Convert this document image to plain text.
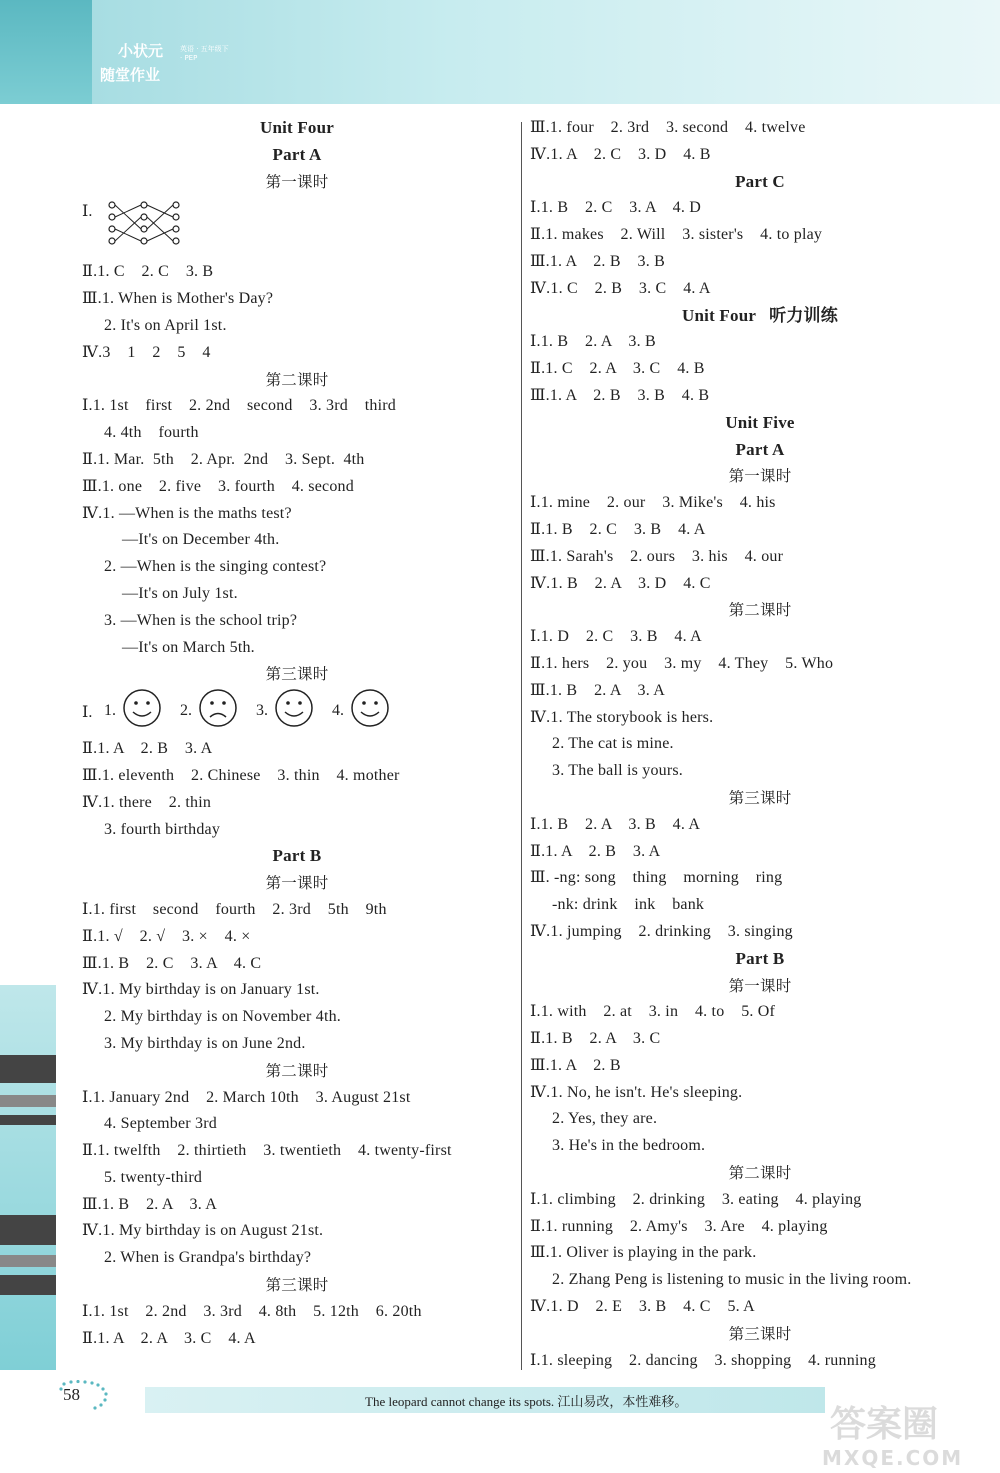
小状元
随堂作业
英语 · 五年级下 · PEP
Unit Four
Part A
第一课时
Ⅰ.
Ⅱ.1. C    2. C    3. B
Ⅲ.1. When is Mother's Day?
2. It's on April 1st.
Ⅳ.3    1    2    5    4
第二课时
Ⅰ.1. 1st    first    2. 2nd    second    3. 3rd    third
4. 4th    fourth
Ⅱ.1. Mar.  5th    2. Apr.  2nd    3. Sept.  4th
Ⅲ.1. one    2. five    3. fourth    4. second
Ⅳ.1. —When is the maths test?
—It's on December 4th.
2. —When is the singing contest?
—It's on July 1st.
3. —When is the school trip?
—It's on March 5th.
第三课时
Ⅰ. 1.	2.	3.	4.
Ⅱ.1. A    2. B    3. A
Ⅲ.1. eleventh    2. Chinese    3. thin    4. mother
Ⅳ.1. there    2. thin
3. fourth birthday
Part B
第一课时
Ⅰ.1. first    second    fourth    2. 3rd    5th    9th
Ⅱ.1. √    2. √    3. ×    4. ×
Ⅲ.1. B    2. C    3. A    4. C
Ⅳ.1. My birthday is on January 1st.
2. My birthday is on November 4th.
3. My birthday is on June 2nd.
第二课时
Ⅰ.1. January 2nd    2. March 10th    3. August 21st
4. September 3rd
Ⅱ.1. twelfth    2. thirtieth    3. twentieth    4. twenty-first
5. twenty-third
Ⅲ.1. B    2. A    3. A
Ⅳ.1. My birthday is on August 21st.
2. When is Grandpa's birthday?
第三课时
Ⅰ.1. 1st    2. 2nd    3. 3rd    4. 8th    5. 12th    6. 20th
Ⅱ.1. A    2. A    3. C    4. A
Ⅲ.1. four    2. 3rd    3. second    4. twelve
Ⅳ.1. A    2. C    3. D    4. B
Part C
Ⅰ.1. B    2. C    3. A    4. D
Ⅱ.1. makes    2. Will    3. sister's    4. to play
Ⅲ.1. A    2. B    3. B
Ⅳ.1. C    2. B    3. C    4. A
Unit Four   听力训练
Ⅰ.1. B    2. A    3. B
Ⅱ.1. C    2. A    3. C    4. B
Ⅲ.1. A    2. B    3. B    4. B
Unit Five
Part A
第一课时
Ⅰ.1. mine    2. our    3. Mike's    4. his
Ⅱ.1. B    2. C    3. B    4. A
Ⅲ.1. Sarah's    2. ours    3. his    4. our
Ⅳ.1. B    2. A    3. D    4. C
第二课时
Ⅰ.1. D    2. C    3. B    4. A
Ⅱ.1. hers    2. you    3. my    4. They    5. Who
Ⅲ.1. B    2. A    3. A
Ⅳ.1. The storybook is hers.
2. The cat is mine.
3. The ball is yours.
第三课时
Ⅰ.1. B    2. A    3. B    4. A
Ⅱ.1. A    2. B    3. A
Ⅲ. -ng: song    thing    morning    ring
-nk: drink    ink    bank
Ⅳ.1. jumping    2. drinking    3. singing
Part B
第一课时
Ⅰ.1. with    2. at    3. in    4. to    5. Of
Ⅱ.1. B    2. A    3. C
Ⅲ.1. A    2. B
Ⅳ.1. No, he isn't. He's sleeping.
2. Yes, they are.
3. He's in the bedroom.
第二课时
Ⅰ.1. climbing    2. drinking    3. eating    4. playing
Ⅱ.1. running    2. Amy's    3. Are    4. playing
Ⅲ.1. Oliver is playing in the park.
2. Zhang Peng is listening to music in the living room.
Ⅳ.1. D    2. E    3. B    4. C    5. A
第三课时
Ⅰ.1. sleeping    2. dancing    3. shopping    4. running
58	The leopard cannot change its spots. 江山易改，本性难移。
答案圈
MXQE.COM
